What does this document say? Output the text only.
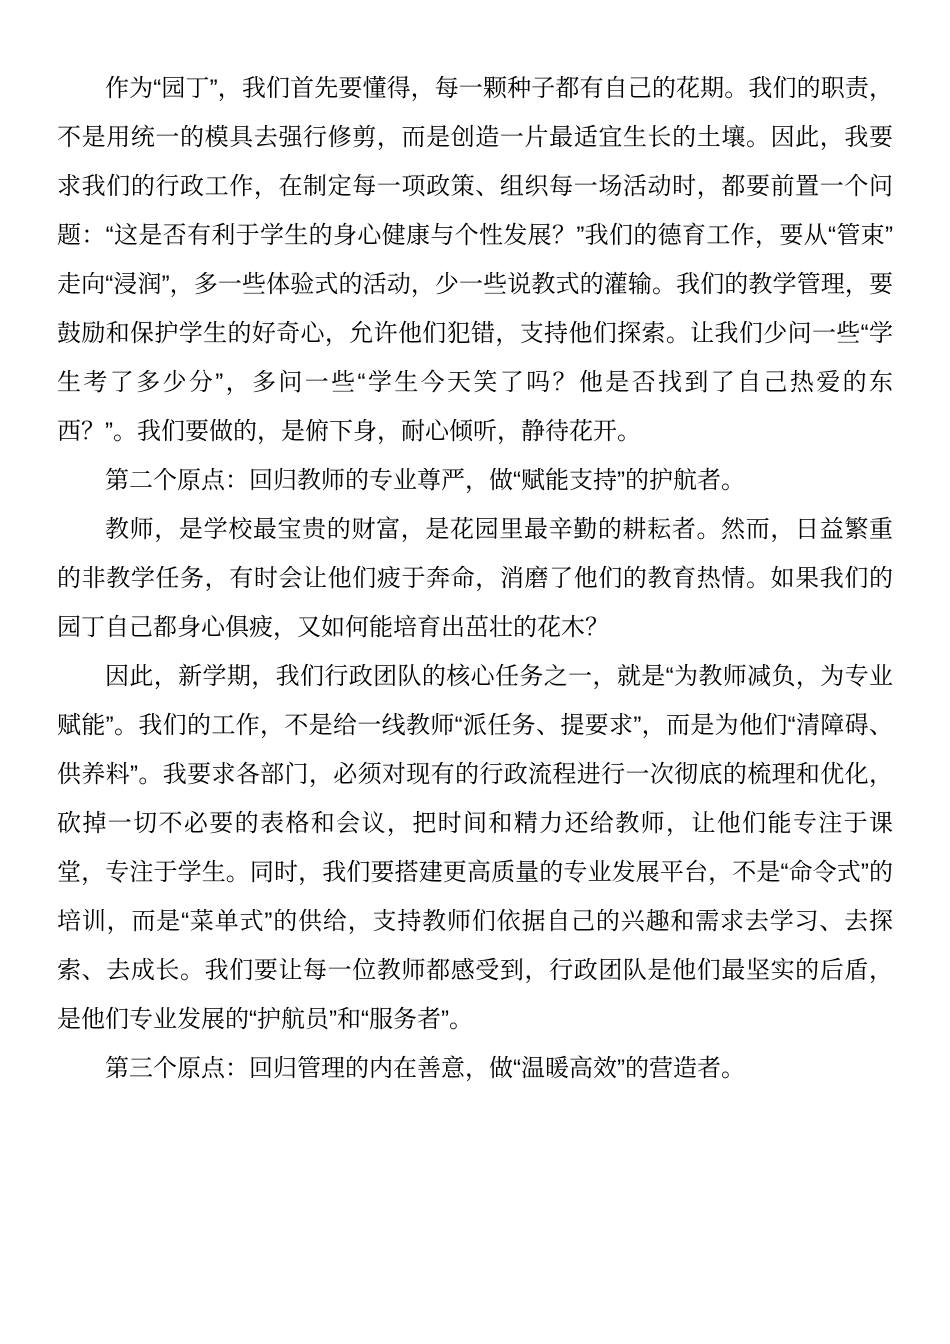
作为“园丁”，我们首先要懂得，每一颗种子都有自己的花期。我们的职责，不是用统一的模具去强行修剪，而是创造一片最适宜生长的土壤。因此，我要求我们的行政工作，在制定每一项政策、组织每一场活动时，都要前置一个问题：“这是否有利于学生的身心健康与个性发展？”我们的德育工作，要从“管束”走向“浸润”，多一些体验式的活动，少一些说教式的灌输。我们的教学管理，要鼓励和保护学生的好奇心，允许他们犯错，支持他们探索。让我们少问一些“学生考了多少分”，多问一些“学生今天笑了吗？他是否找到了自己热爱的东西？”。我们要做的，是俯下身，耐心倾听，静待花开。

第二个原点：回归教师的专业尊严，做“赋能支持”的护航者。

教师，是学校最宝贵的财富，是花园里最辛勤的耕耘者。然而，日益繁重的非教学任务，有时会让他们疲于奔命，消磨了他们的教育热情。如果我们的园丁自己都身心俱疲，又如何能培育出茁壮的花木？

因此，新学期，我们行政团队的核心任务之一，就是“为教师减负，为专业赋能”。我们的工作，不是给一线教师“派任务、提要求”，而是为他们“清障碍、供养料”。我要求各部门，必须对现有的行政流程进行一次彻底的梳理和优化，砍掉一切不必要的表格和会议，把时间和精力还给教师，让他们能专注于课堂，专注于学生。同时，我们要搭建更高质量的专业发展平台，不是“命令式”的培训，而是“菜单式”的供给，支持教师们依据自己的兴趣和需求去学习、去探索、去成长。我们要让每一位教师都感受到，行政团队是他们最坚实的后盾，是他们专业发展的“护航员”和“服务者”。

第三个原点：回归管理的内在善意，做“温暖高效”的营造者。
